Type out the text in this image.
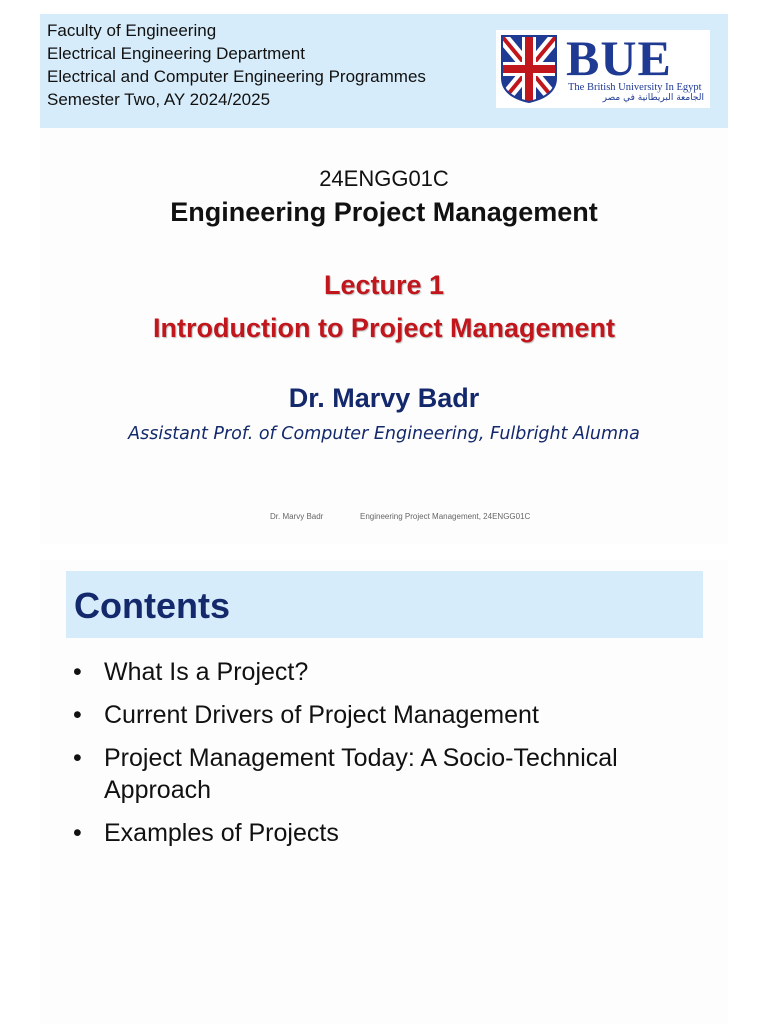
Faculty of Engineering
Electrical Engineering Department
Electrical and Computer Engineering Programmes
Semester Two, AY 2024/2025
BUE
The British University In Egypt
الجامعة البريطانية في مصر
24ENGG01C
Engineering Project Management
Lecture 1
Introduction to Project Management
Dr. Marvy Badr
Assistant Prof. of Computer Engineering, Fulbright Alumna
Dr. Marvy Badr	Engineering Project Management, 24ENGG01C
Contents
• What Is a Project?
• Current Drivers of Project Management
• Project Management Today: A Socio-Technical Approach
• Examples of Projects
